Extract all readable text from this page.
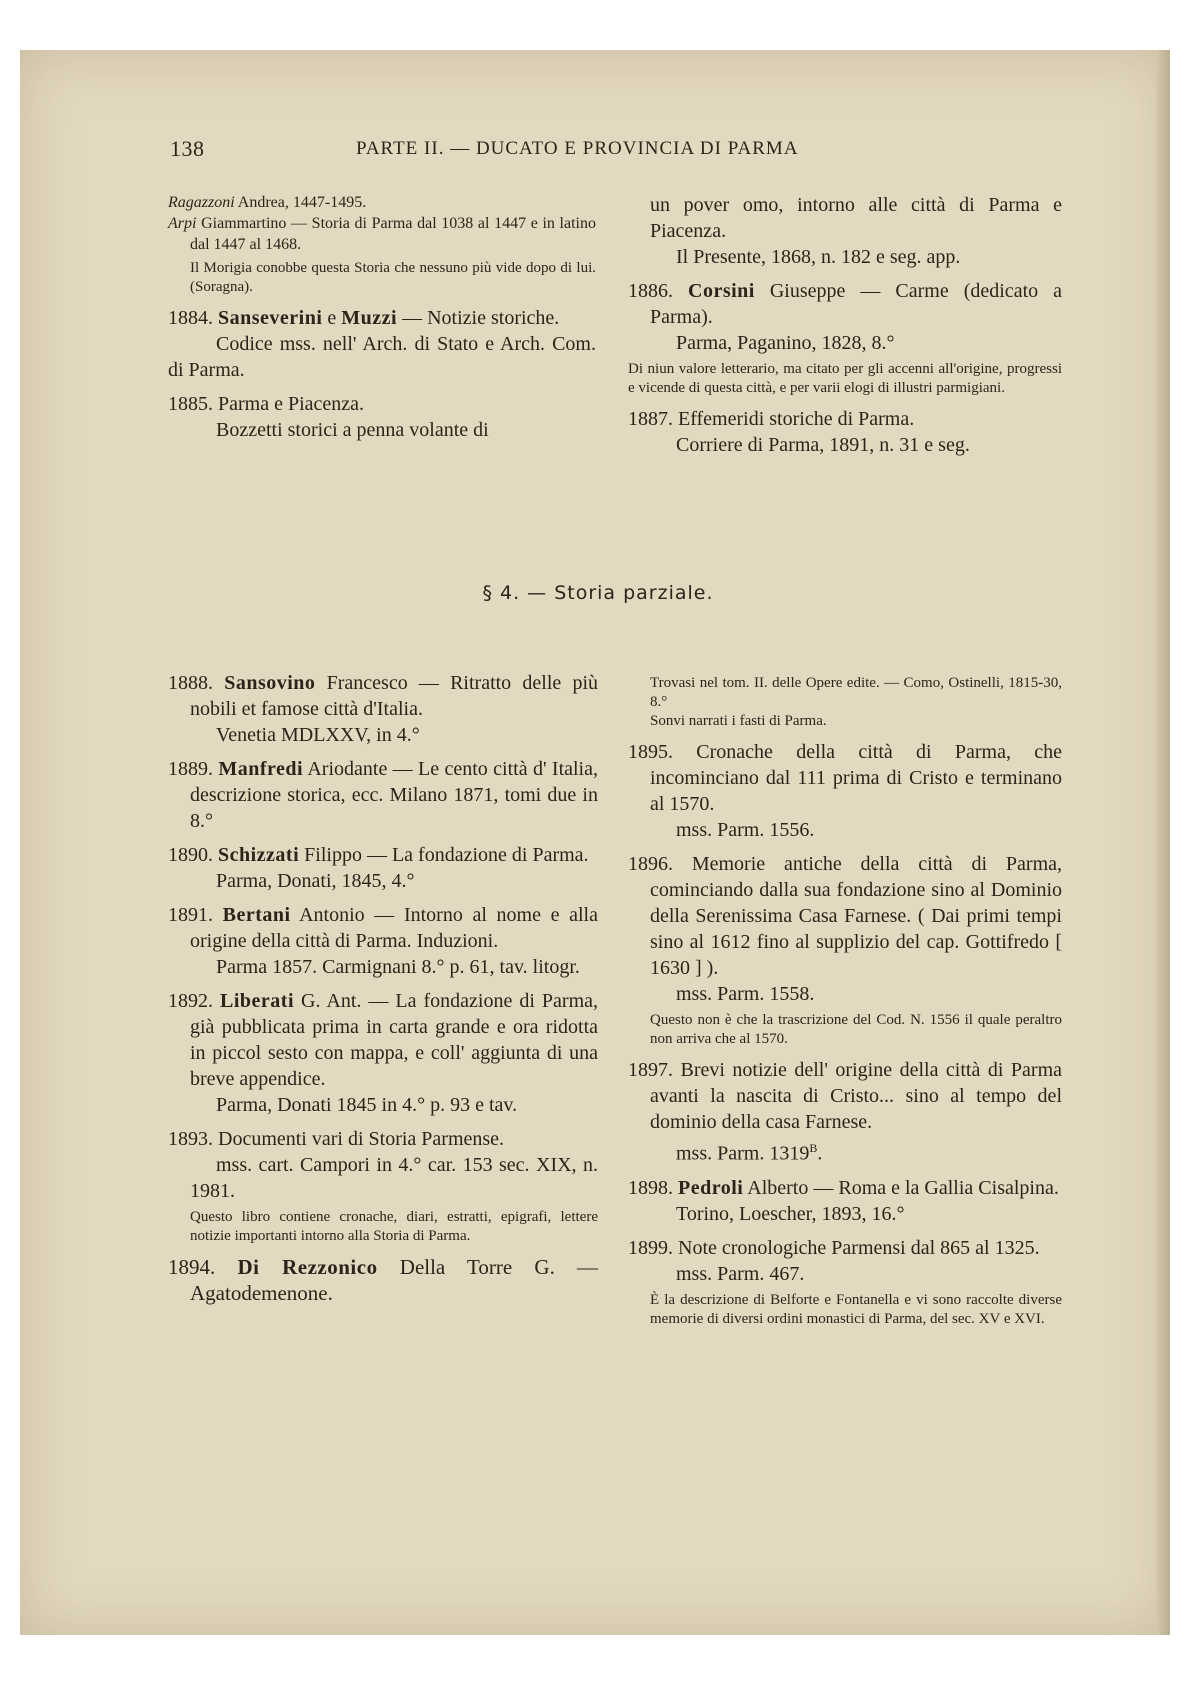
138	PARTE II. — DUCATO E PROVINCIA DI PARMA

Ragazzoni Andrea, 1447-1495.

Arpi Giammartino — Storia di Parma dal 1038 al 1447 e in latino dal 1447 al 1468.

Il Morigia conobbe questa Storia che nessuno più vide dopo di lui. (Soragna).

1884. Sanseverini e Muzzi — Notizie storiche.

Codice mss. nell' Arch. di Stato e Arch. Com. di Parma.

1885. Parma e Piacenza.

Bozzetti storici a penna volante di

un pover omo, intorno alle città di Parma e Piacenza.

Il Presente, 1868, n. 182 e seg. app.

1886. Corsini Giuseppe — Carme (dedicato a Parma).

Parma, Paganino, 1828, 8.°

Di niun valore letterario, ma citato per gli accenni all'origine, progressi e vicende di questa città, e per varii elogi di illustri parmigiani.

1887. Effemeridi storiche di Parma.

Corriere di Parma, 1891, n. 31 e seg.

§ 4. — Storia parziale.

1888. Sansovino Francesco — Ritratto delle più nobili et famose città d'Italia.

Venetia MDLXXV, in 4.°

1889. Manfredi Ariodante — Le cento città d' Italia, descrizione storica, ecc. Milano 1871, tomi due in 8.°

1890. Schizzati Filippo — La fondazione di Parma.

Parma, Donati, 1845, 4.°

1891. Bertani Antonio — Intorno al nome e alla origine della città di Parma. Induzioni.

Parma 1857. Carmignani 8.° p. 61, tav. litogr.

1892. Liberati G. Ant. — La fondazione di Parma, già pubblicata prima in carta grande e ora ridotta in piccol sesto con mappa, e coll' aggiunta di una breve appendice.

Parma, Donati 1845 in 4.° p. 93 e tav.

1893. Documenti vari di Storia Parmense.

mss. cart. Campori in 4.° car. 153 sec. XIX, n. 1981.

Questo libro contiene cronache, diari, estratti, epigrafi, lettere notizie importanti intorno alla Storia di Parma.

1894. Di Rezzonico Della Torre G. — Agatodemenone.

Trovasi nel tom. II. delle Opere edite. — Como, Ostinelli, 1815-30, 8.°

Sonvi narrati i fasti di Parma.

1895. Cronache della città di Parma, che incominciano dal 111 prima di Cristo e terminano al 1570.

mss. Parm. 1556.

1896. Memorie antiche della città di Parma, cominciando dalla sua fondazione sino al Dominio della Serenissima Casa Farnese. ( Dai primi tempi sino al 1612 fino al supplizio del cap. Gottifredo [ 1630 ] ).

mss. Parm. 1558.

Questo non è che la trascrizione del Cod. N. 1556 il quale peraltro non arriva che al 1570.

1897. Brevi notizie dell' origine della città di Parma avanti la nascita di Cristo... sino al tempo del dominio della casa Farnese.

mss. Parm. $1319^B$.

1898. Pedroli Alberto — Roma e la Gallia Cisalpina.

Torino, Loescher, 1893, 16.°

1899. Note cronologiche Parmensi dal 865 al 1325.

mss. Parm. 467.

È la descrizione di Belforte e Fontanella e vi sono raccolte diverse memorie di diversi ordini monastici di Parma, del sec. XV e XVI.
